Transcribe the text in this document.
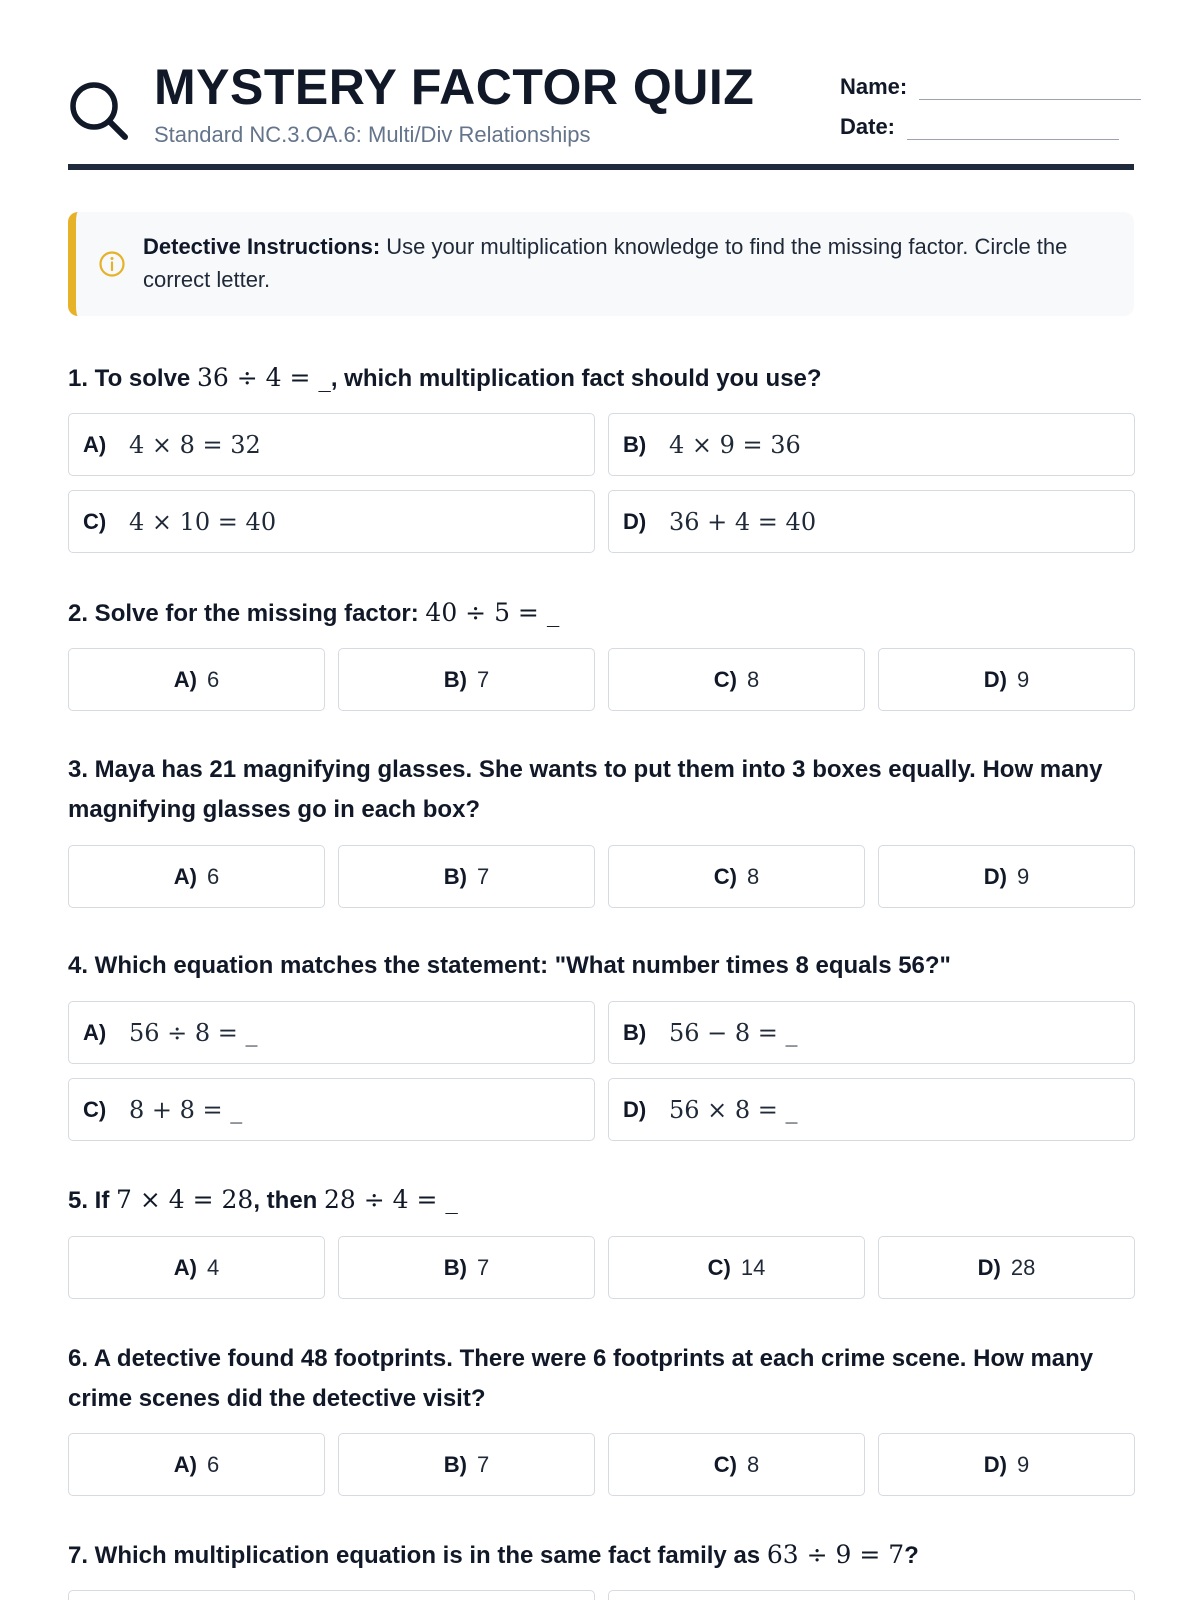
MYSTERY FACTOR QUIZ
Standard NC.3.OA.6: Multi/Div Relationships
Name:
Date:
Detective Instructions: Use your multiplication knowledge to find the missing factor. Circle the correct letter.
1. To solve 36 ÷ 4 = _, which multiplication fact should you use?
A) 4 × 8 = 32	B) 4 × 9 = 36
C) 4 × 10 = 40	D) 36 + 4 = 40
2. Solve for the missing factor: 40 ÷ 5 = _
A) 6	B) 7	C) 8	D) 9
3. Maya has 21 magnifying glasses. She wants to put them into 3 boxes equally. How many magnifying glasses go in each box?
A) 6	B) 7	C) 8	D) 9
4. Which equation matches the statement: "What number times 8 equals 56?"
A) 56 ÷ 8 = _	B) 56 − 8 = _
C) 8 + 8 = _	D) 56 × 8 = _
5. If 7 × 4 = 28, then 28 ÷ 4 = _
A) 4	B) 7	C) 14	D) 28
6. A detective found 48 footprints. There were 6 footprints at each crime scene. How many crime scenes did the detective visit?
A) 6	B) 7	C) 8	D) 9
7. Which multiplication equation is in the same fact family as 63 ÷ 9 = 7?
